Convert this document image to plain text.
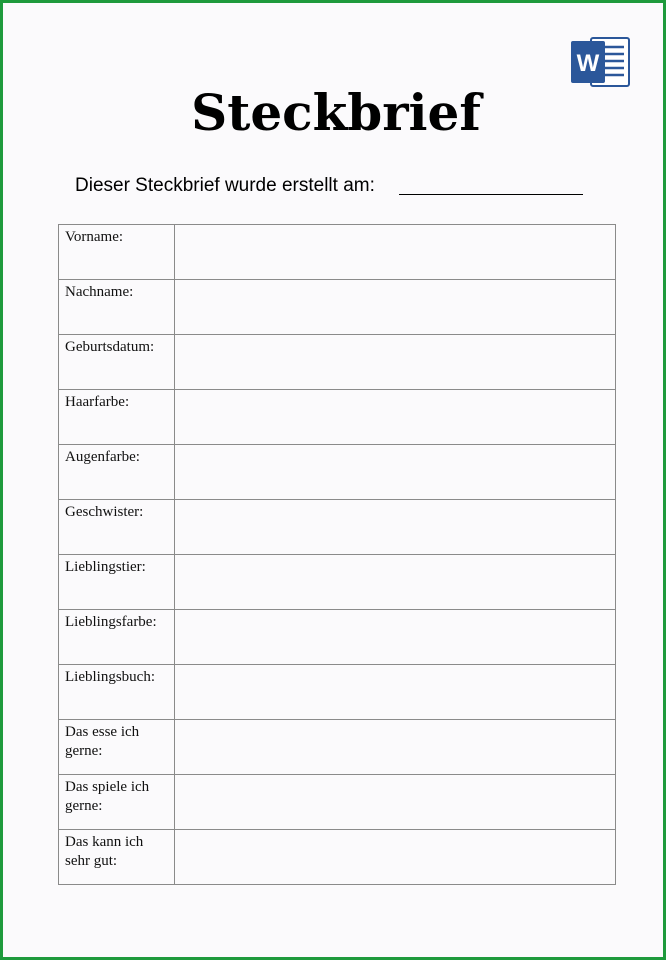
W
Steckbrief
Dieser Steckbrief wurde erstellt am:
Vorname:	
Nachname:	
Geburtsdatum:	
Haarfarbe:	
Augenfarbe:	
Geschwister:	
Lieblingstier:	
Lieblingsfarbe:	
Lieblingsbuch:	
Das esse ich gerne:	
Das spiele ich gerne:	
Das kann ich sehr gut:	
